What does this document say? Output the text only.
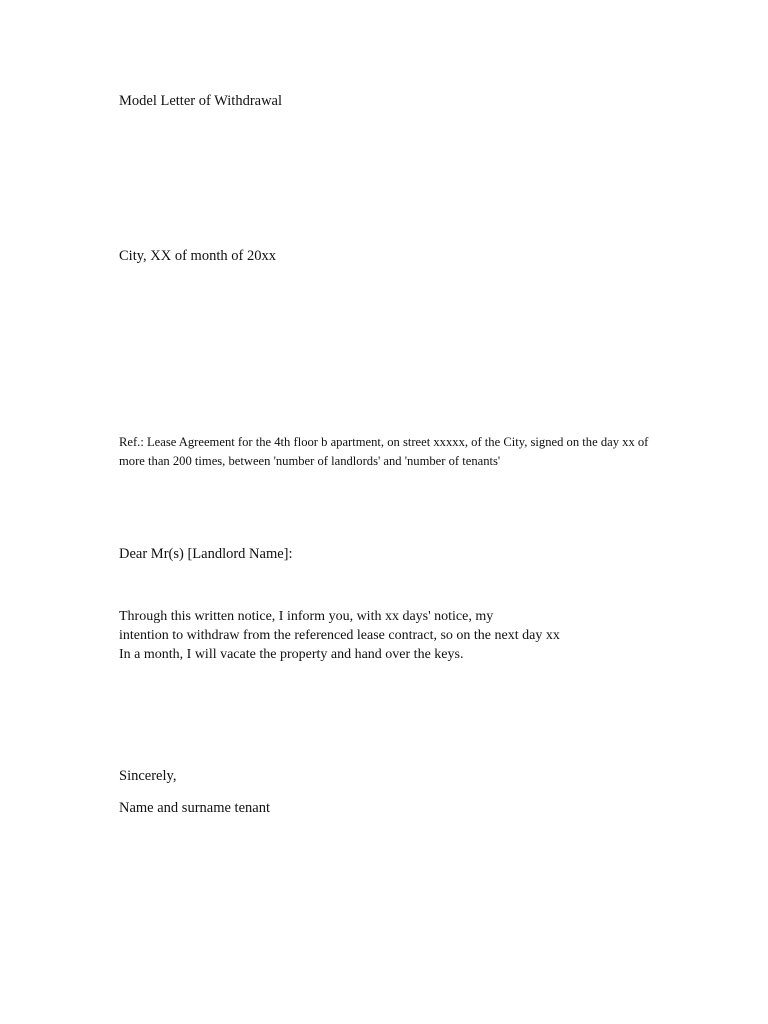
Model Letter of Withdrawal
City, XX of month of 20xx
Ref.: Lease Agreement for the 4th floor b apartment, on street xxxxx, of the City, signed on the day xx of
more than 200 times, between 'number of landlords' and 'number of tenants'
Dear Mr(s) [Landlord Name]:
Through this written notice, I inform you, with xx days' notice, my
intention to withdraw from the referenced lease contract, so on the next day xx
In a month, I will vacate the property and hand over the keys.
Sincerely,
Name and surname tenant
